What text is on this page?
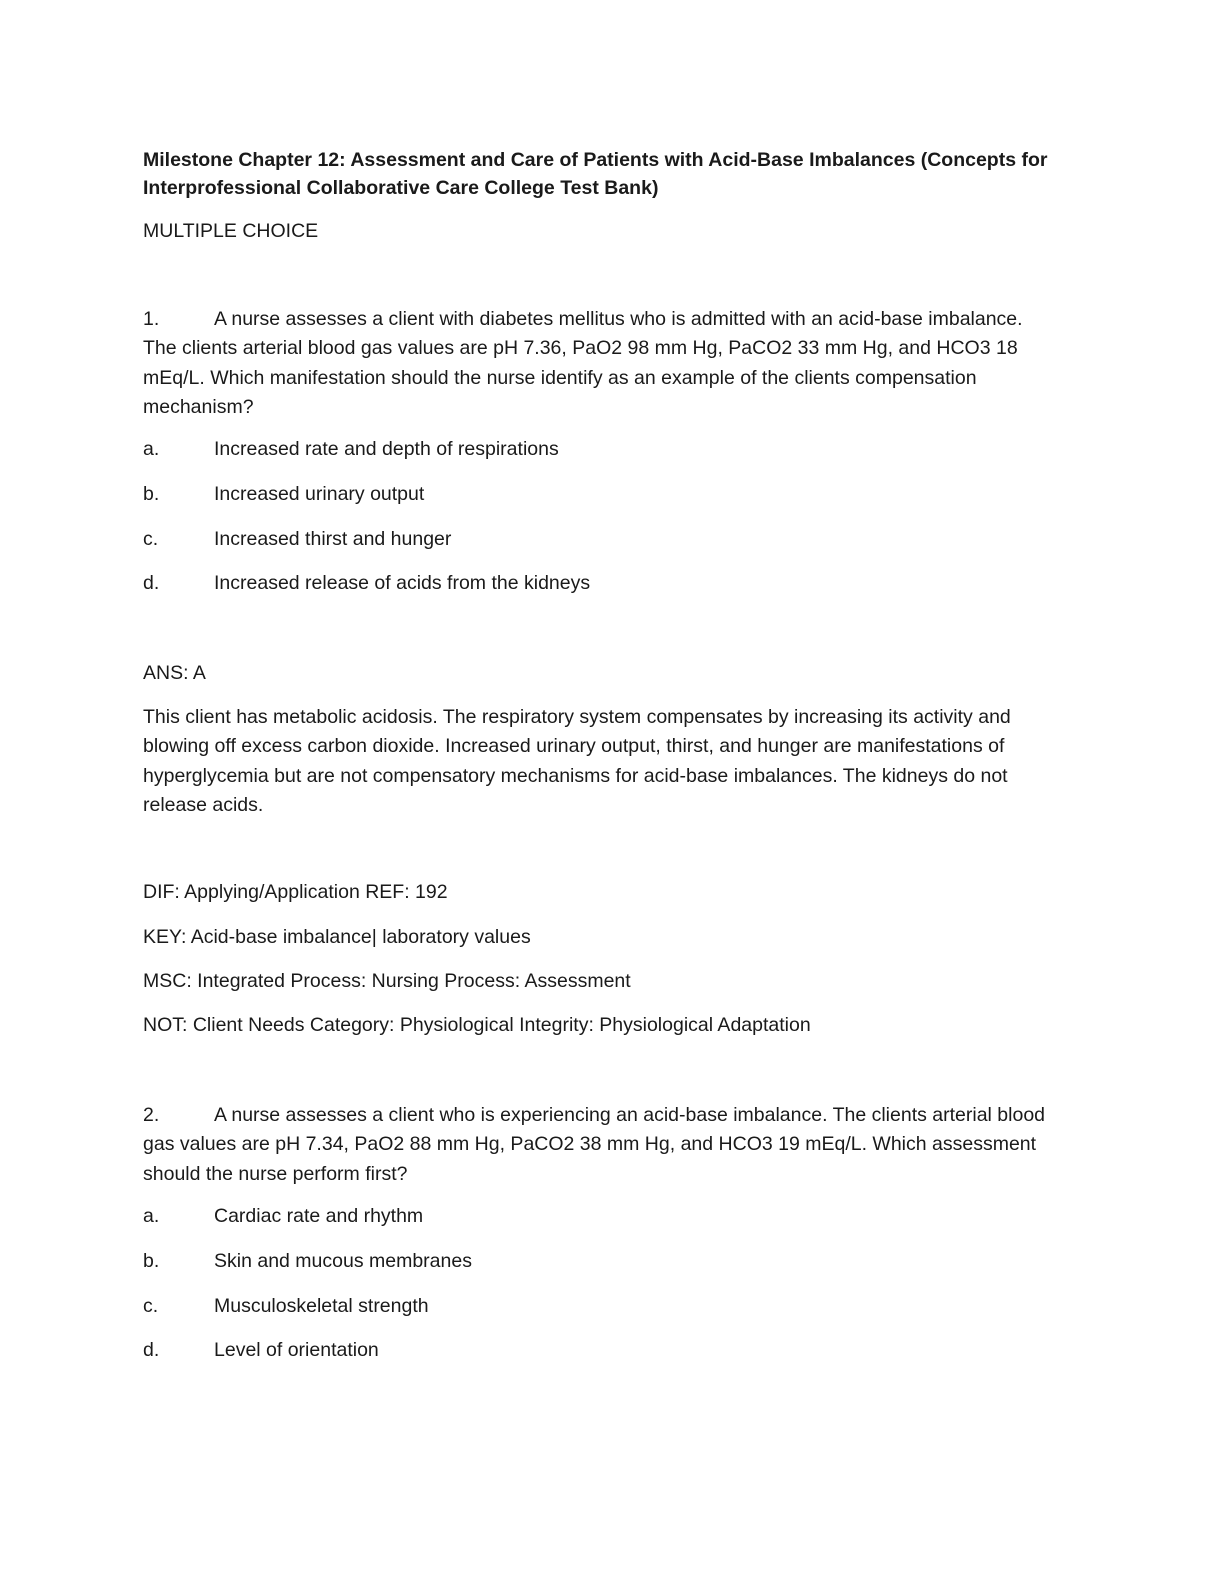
Milestone Chapter 12: Assessment and Care of Patients with Acid-Base Imbalances (Concepts for Interprofessional Collaborative Care College Test Bank)
MULTIPLE CHOICE
1.	A nurse assesses a client with diabetes mellitus who is admitted with an acid-base imbalance. The clients arterial blood gas values are pH 7.36, PaO2 98 mm Hg, PaCO2 33 mm Hg, and HCO3 18 mEq/L. Which manifestation should the nurse identify as an example of the clients compensation mechanism?
a.	Increased rate and depth of respirations
b.	Increased urinary output
c.	Increased thirst and hunger
d.	Increased release of acids from the kidneys
ANS: A
This client has metabolic acidosis. The respiratory system compensates by increasing its activity and blowing off excess carbon dioxide. Increased urinary output, thirst, and hunger are manifestations of hyperglycemia but are not compensatory mechanisms for acid-base imbalances. The kidneys do not release acids.
DIF: Applying/Application REF: 192
KEY: Acid-base imbalance| laboratory values
MSC: Integrated Process: Nursing Process: Assessment
NOT: Client Needs Category: Physiological Integrity: Physiological Adaptation
2.	A nurse assesses a client who is experiencing an acid-base imbalance. The clients arterial blood gas values are pH 7.34, PaO2 88 mm Hg, PaCO2 38 mm Hg, and HCO3 19 mEq/L. Which assessment should the nurse perform first?
a.	Cardiac rate and rhythm
b.	Skin and mucous membranes
c.	Musculoskeletal strength
d.	Level of orientation
